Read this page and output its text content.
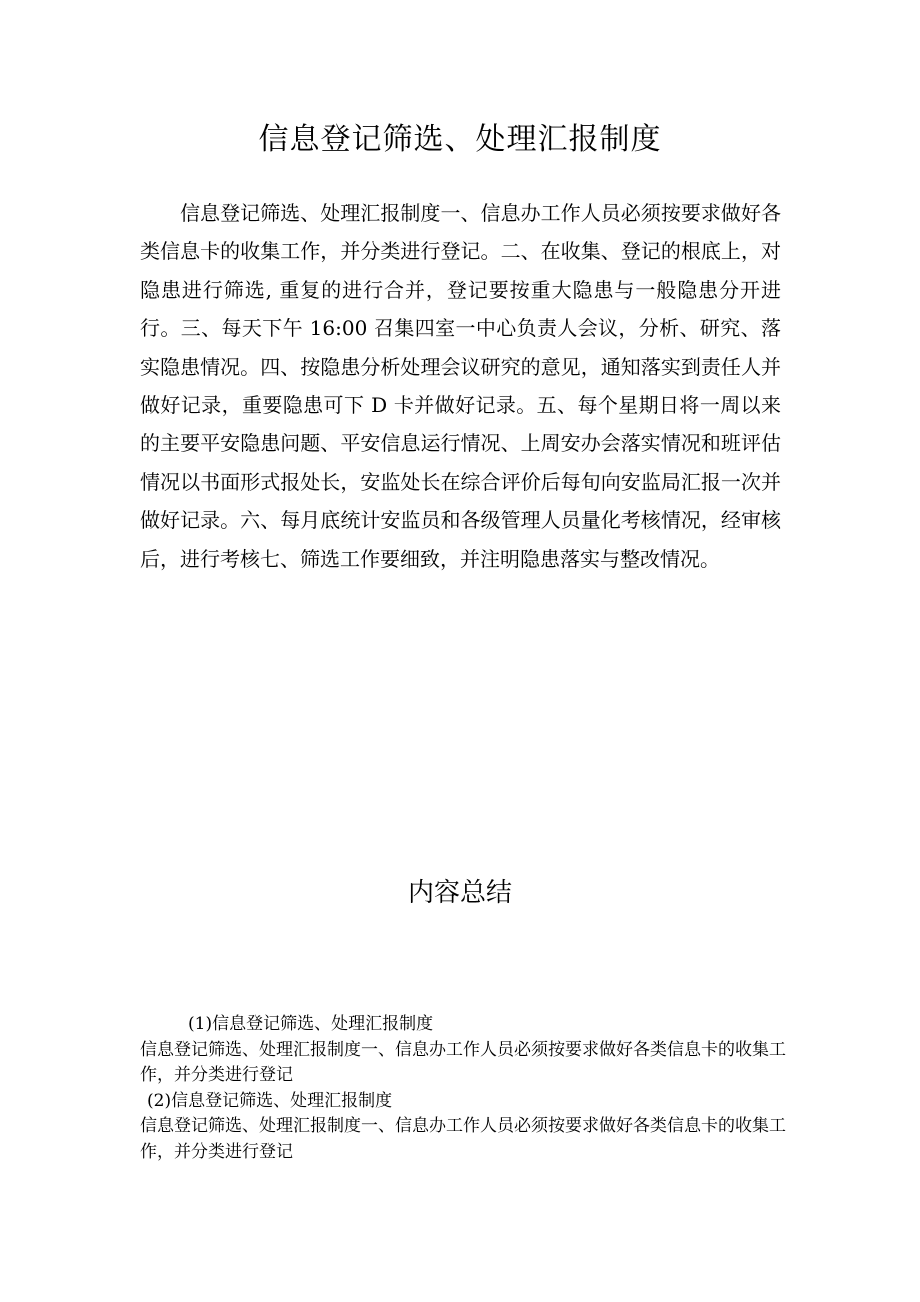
信息登记筛选、处理汇报制度

信息登记筛选、处理汇报制度一、信息办工作人员必须按要求做好各类信息卡的收集工作，并分类进行登记。二、在收集、登记的根底上，对隐患进行筛选, 重复的进行合并，登记要按重大隐患与一般隐患分开进行。三、每天下午 16:00 召集四室一中心负责人会议，分析、研究、落实隐患情况。四、按隐患分析处理会议研究的意见，通知落实到责任人并做好记录，重要隐患可下 D 卡并做好记录。五、每个星期日将一周以来的主要平安隐患问题、平安信息运行情况、上周安办会落实情况和班评估情况以书面形式报处长，安监处长在综合评价后每旬向安监局汇报一次并做好记录。六、每月底统计安监员和各级管理人员量化考核情况，经审核后，进行考核七、筛选工作要细致，并注明隐患落实与整改情况。

内容总结
(1)信息登记筛选、处理汇报制度
信息登记筛选、处理汇报制度一、信息办工作人员必须按要求做好各类信息卡的收集工作，并分类进行登记
(2)信息登记筛选、处理汇报制度
信息登记筛选、处理汇报制度一、信息办工作人员必须按要求做好各类信息卡的收集工作，并分类进行登记
